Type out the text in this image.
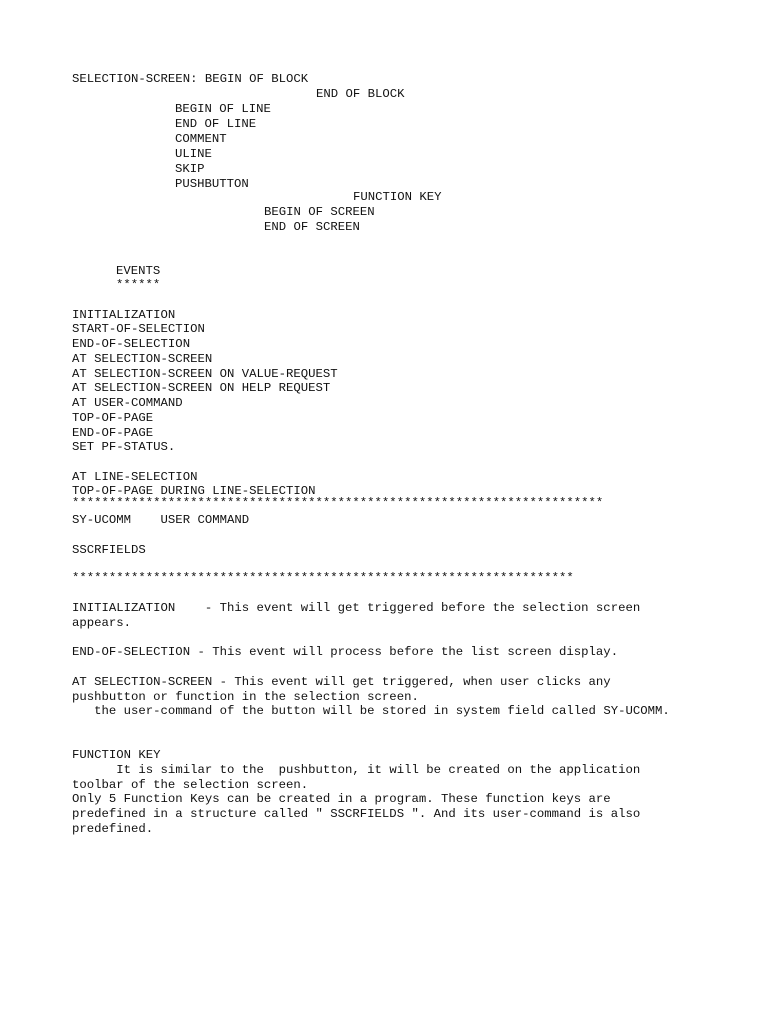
SELECTION-SCREEN: BEGIN OF BLOCK

END OF BLOCK

BEGIN OF LINE

END OF LINE

COMMENT

ULINE

SKIP

PUSHBUTTON

FUNCTION KEY

BEGIN OF SCREEN

END OF SCREEN

EVENTS

******

INITIALIZATION

START-OF-SELECTION

END-OF-SELECTION

AT SELECTION-SCREEN

AT SELECTION-SCREEN ON VALUE-REQUEST

AT SELECTION-SCREEN ON HELP REQUEST

AT USER-COMMAND

TOP-OF-PAGE

END-OF-PAGE

SET PF-STATUS.

AT LINE-SELECTION

TOP-OF-PAGE DURING LINE-SELECTION

************************************************************************

SY-UCOMM    USER COMMAND

SSCRFIELDS

********************************************************************

INITIALIZATION    - This event will get triggered before the selection screen
appears.

END-OF-SELECTION - This event will process before the list screen display.

AT SELECTION-SCREEN - This event will get triggered, when user clicks any
pushbutton or function in the selection screen.
the user-command of the button will be stored in system field called SY-UCOMM.

FUNCTION KEY

It is similar to the  pushbutton, it will be created on the application
toolbar of the selection screen.
Only 5 Function Keys can be created in a program. These function keys are
predefined in a structure called " SSCRFIELDS ". And its user-command is also
predefined.
